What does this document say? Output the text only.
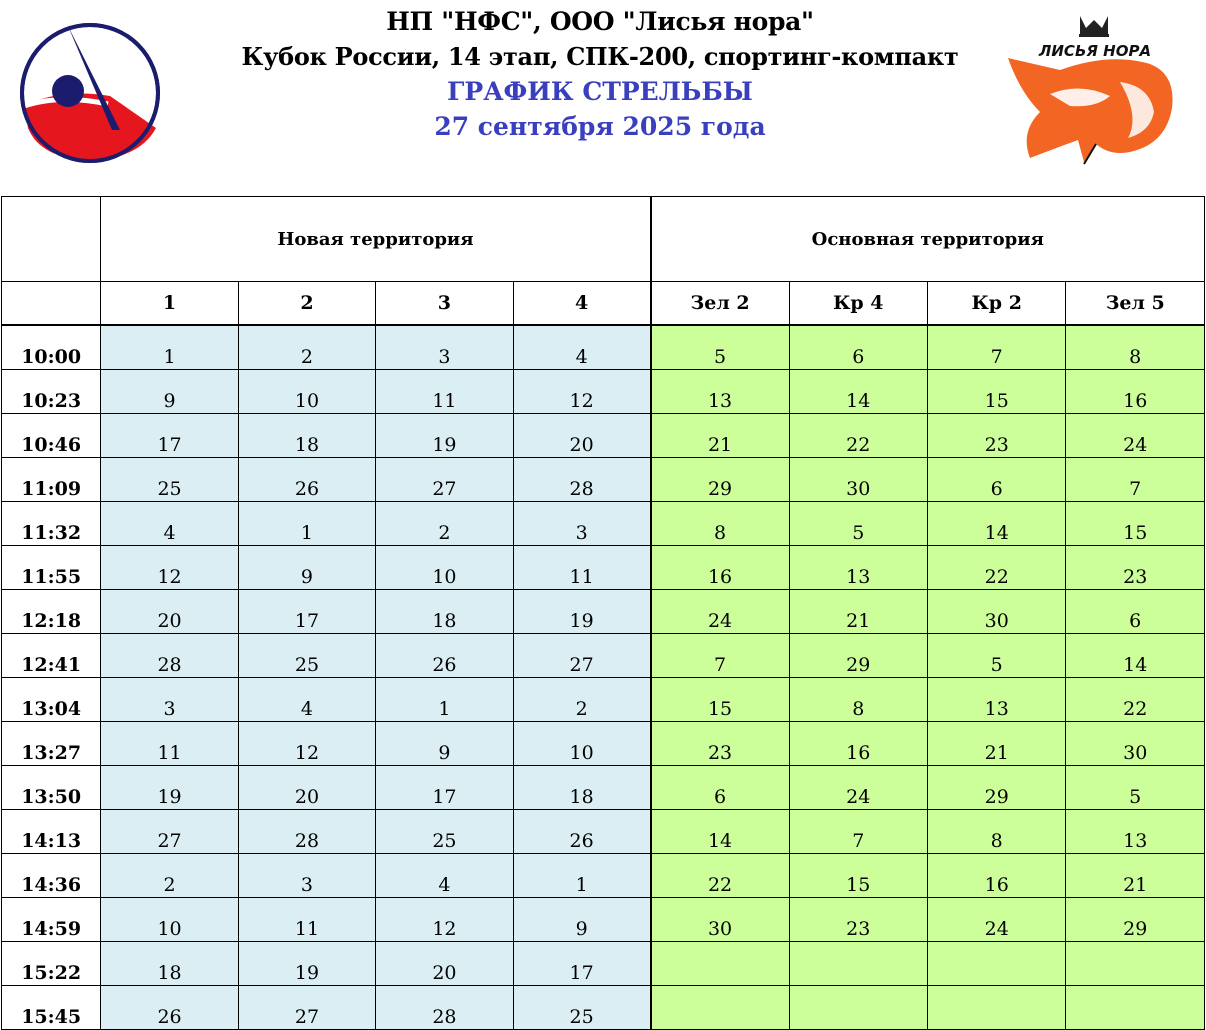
НП "НФС", ООО "Лисья нора"
Кубок России, 14 этап, СПК-200, спортинг-компакт
ГРАФИК СТРЕЛЬБЫ
27 сентября 2025 года
ЛИСЬЯ НОРА
	Новая территория				Основная территория			
	1	2	3	4	Зел 2	Кр 4	Кр 2	Зел 5
10:00	1	2	3	4	5	6	7	8
10:23	9	10	11	12	13	14	15	16
10:46	17	18	19	20	21	22	23	24
11:09	25	26	27	28	29	30	6	7
11:32	4	1	2	3	8	5	14	15
11:55	12	9	10	11	16	13	22	23
12:18	20	17	18	19	24	21	30	6
12:41	28	25	26	27	7	29	5	14
13:04	3	4	1	2	15	8	13	22
13:27	11	12	9	10	23	16	21	30
13:50	19	20	17	18	6	24	29	5
14:13	27	28	25	26	14	7	8	13
14:36	2	3	4	1	22	15	16	21
14:59	10	11	12	9	30	23	24	29
15:22	18	19	20	17				
15:45	26	27	28	25				
